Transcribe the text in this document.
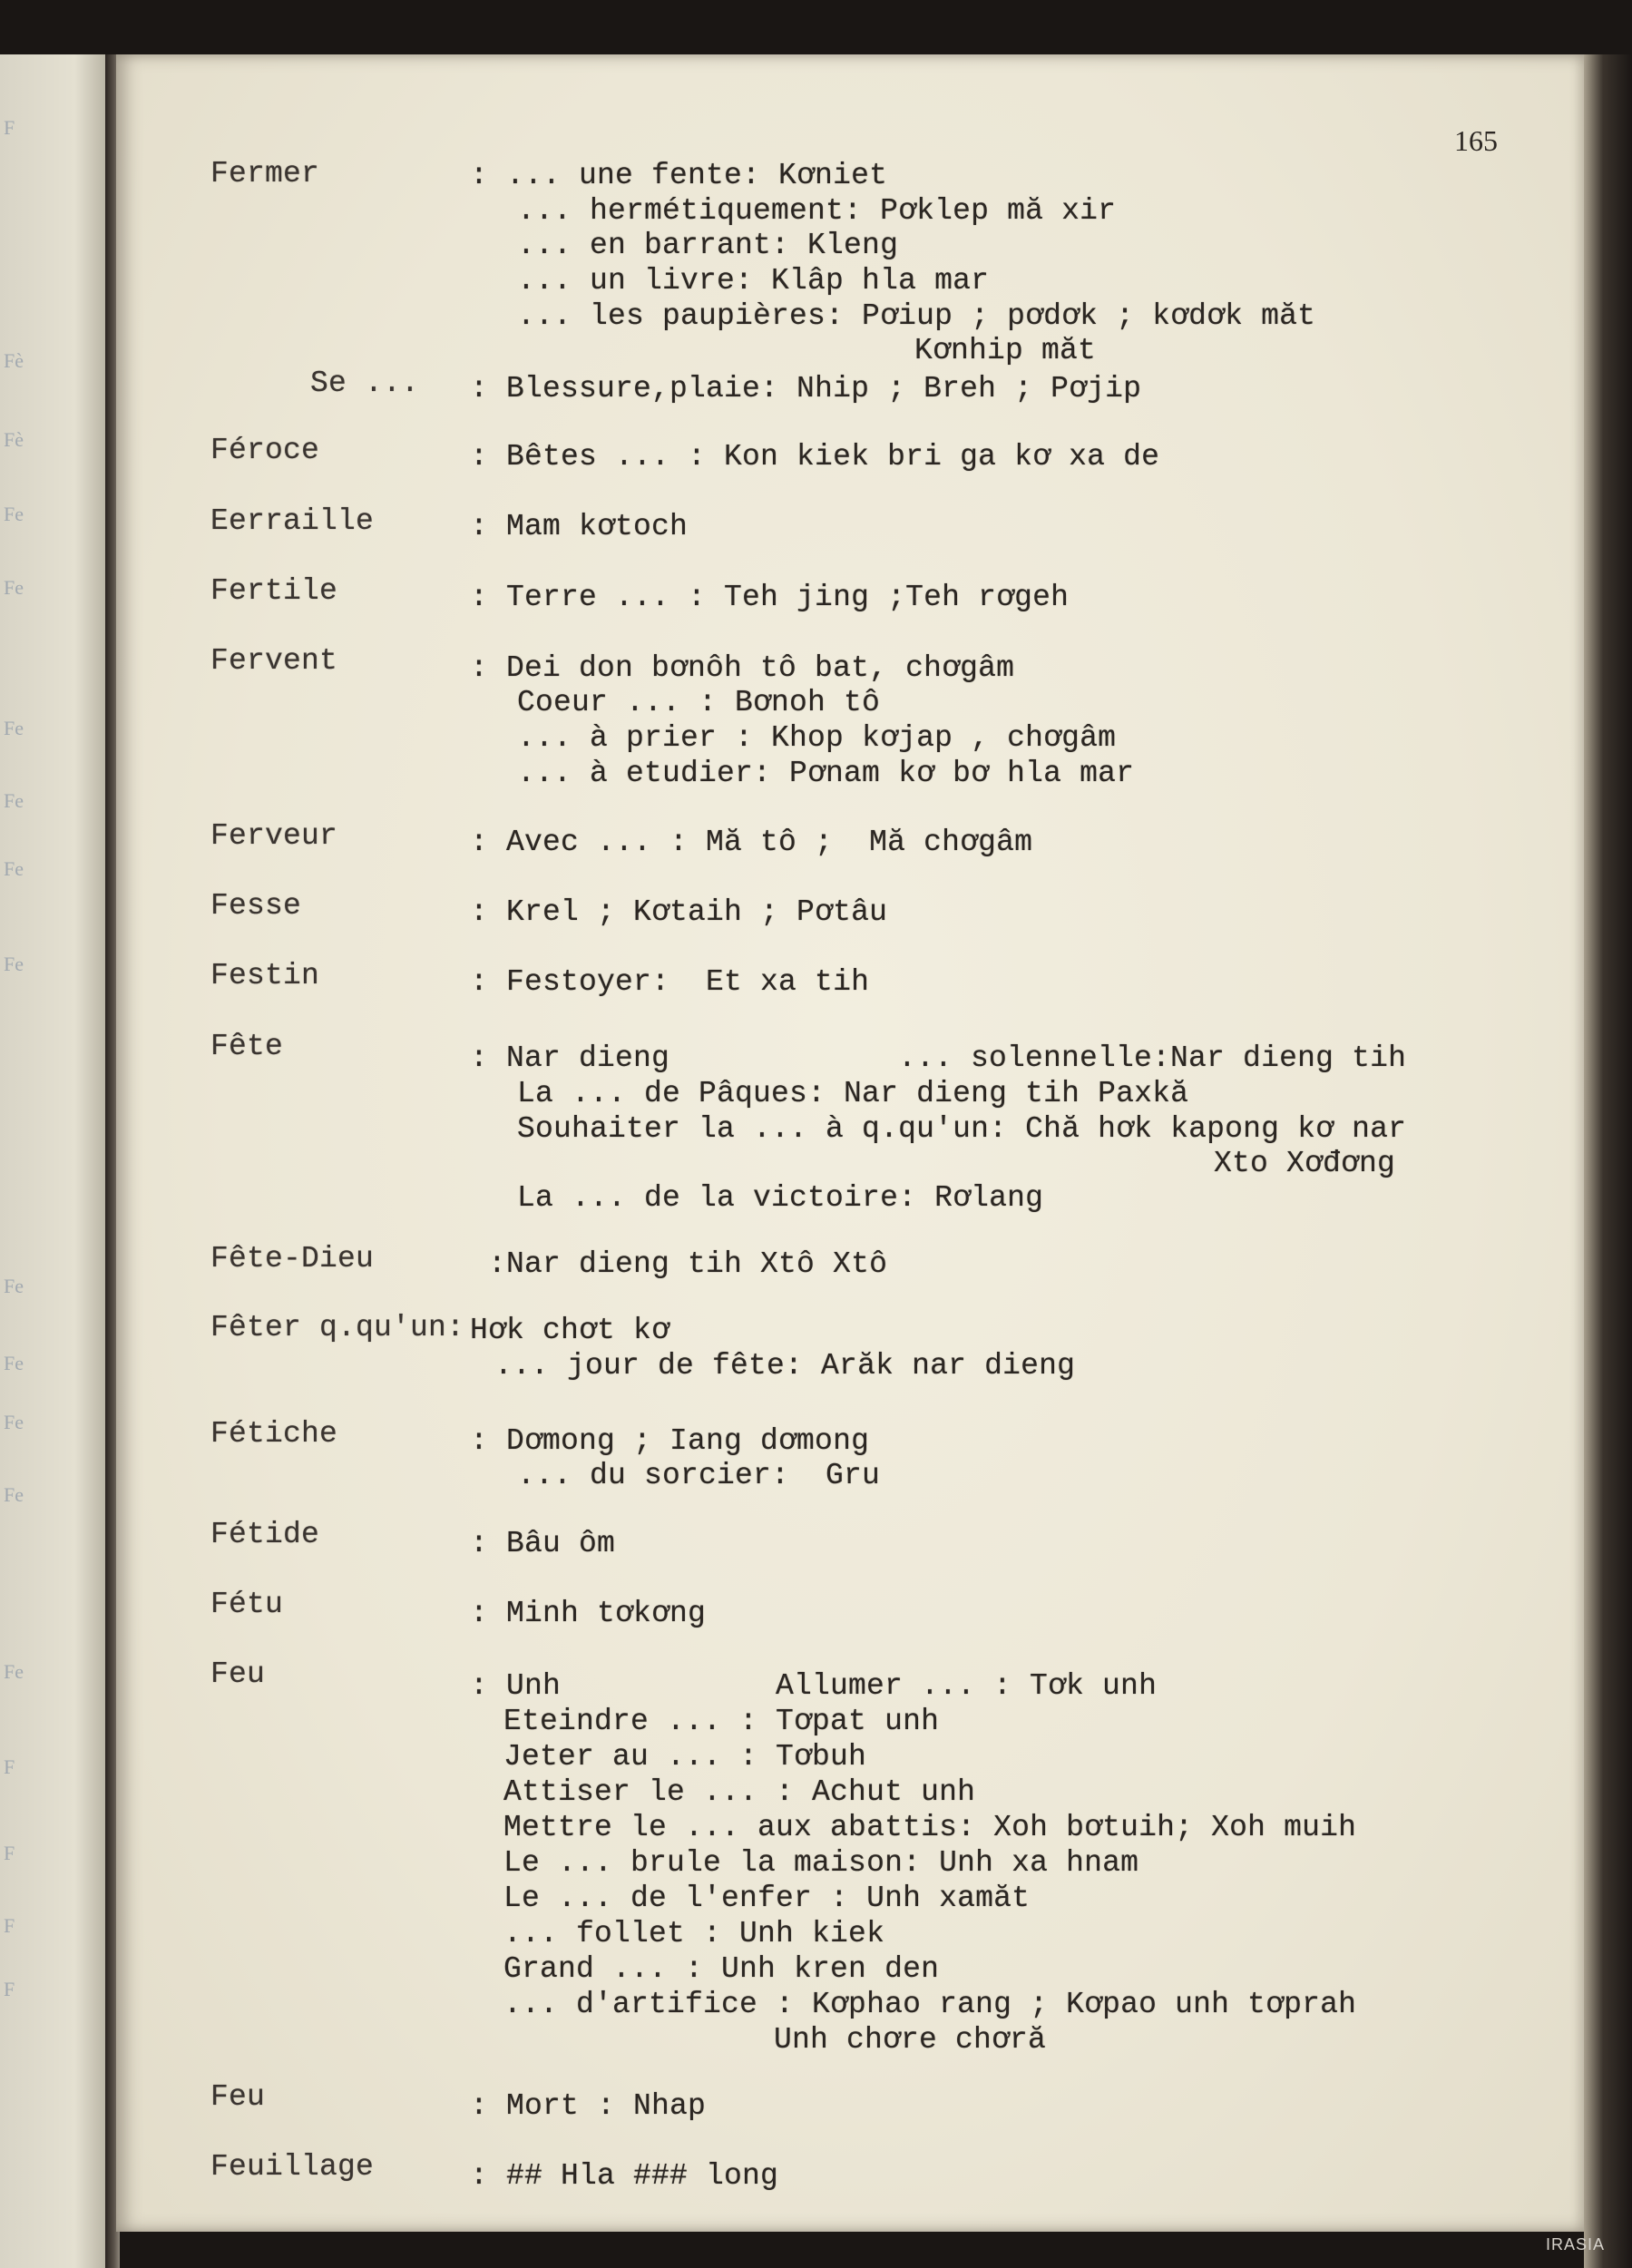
F
Fè
Fè
Fe
Fe
Fe
Fe
Fe
Fe
Fe
Fe
Fe
Fe
Fe
F
F
F
F
165
Fermer	: ... une fente: Kơniet
... hermétiquement: Pơklep mă xir
... en barrant: Kleng
... un livre: Klâp hla mar
... les paupières: Pơiup ; pơdơk ; kơdơk măt
Kơnhip măt
Se ... : Blessure,plaie: Nhip ; Breh ; Pơjip
Féroce	: Bêtes ... : Kon kiek bri ga kơ xa de
Eerraille	: Mam kơtoch
Fertile	: Terre ... : Teh jing ;Teh rơgeh
Fervent	: Dei don bơnôh tô bat, chơgâm
Coeur ... : Bơnoh tô
... à prier : Khop kơjap , chơgâm
... à etudier: Pơnam kơ bơ hla mar
Ferveur	: Avec ... : Mă tô ;  Mă chơgâm
Fesse	: Krel ; Kơtaih ; Pơtâu
Festin	: Festoyer:  Et xa tih
Fête	: Nar dieng	... solennelle:Nar dieng tih
La ... de Pâques: Nar dieng tih Paxkă
Souhaiter la ... à q.qu'un: Chă hơk kapong kơ nar
Xto Xơđơng
La ... de la victoire: Rơlang
Fête-Dieu	:Nar dieng tih Xtô Xtô
Fêter q.qu'un: Hơk chơt kơ
... jour de fête: Arăk nar dieng
Fétiche	: Dơmong ; Iang dơmong
... du sorcier:  Gru
Fétide	: Bâu ôm
Fétu	: Minh tơkơng
Feu	: Unh	Allumer ... : Tơk unh
Eteindre ... : Tơpat unh
Jeter au ... : Tơbuh
Attiser le ... : Achut unh
Mettre le ... aux abattis: Xoh bơtuih; Xoh muih
Le ... brule la maison: Unh xa hnam
Le ... de l'enfer : Unh xamăt
... follet : Unh kiek
Grand ... : Unh kren den
... d'artifice : Kơphao rang ; Kơpao unh tơprah
Unh chơre chơră
Feu	: Mort : Nhap
Feuillage	: ## Hla ### long
IRASIA
